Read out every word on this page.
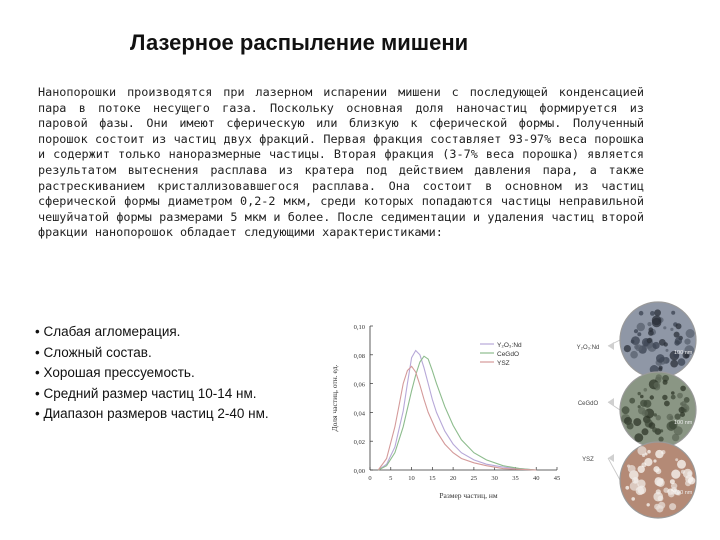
Лазерное распыление мишени
Нанопорошки производятся при лазерном испарении мишени с последующей конденсацией пара в потоке несущего газа. Поскольку основная доля наночастиц формируется из паровой фазы. Они имеют сферическую или близкую к сферической формы. Полученный порошок состоит из частиц двух фракций. Первая фракция составляет 93-97% веса порошка и содержит только наноразмерные частицы. Вторая фракция (3-7% веса порошка) является результатом вытеснения расплава из кратера под действием давления пара, а также растрескиванием кристаллизовавшегося расплава. Она состоит в основном из частиц сферической формы диаметром 0,2-2 мкм, среди которых попадаются частицы неправильной чешуйчатой формы размерами 5 мкм и более. После седиментации и удаления частиц второй фракции нанопорошок обладает следующими характеристиками:
• Слабая агломерация.
• Сложный состав.
• Хорошая прессуемость.
• Средний размер частиц 10-14 нм.
• Диапазон размеров частиц 2-40 нм.
0,00
0,02
0,04
0,06
0,08
0,10
0	5 10 15 20 25 30 35 40 45
Размер частиц, нм
Доля частиц, отн. ед.
Y₂O₃:Nd
CeGdO
YSZ
Y₂O₃:Nd
100 nm
CeGdO
100 nm
YSZ
100 nm
